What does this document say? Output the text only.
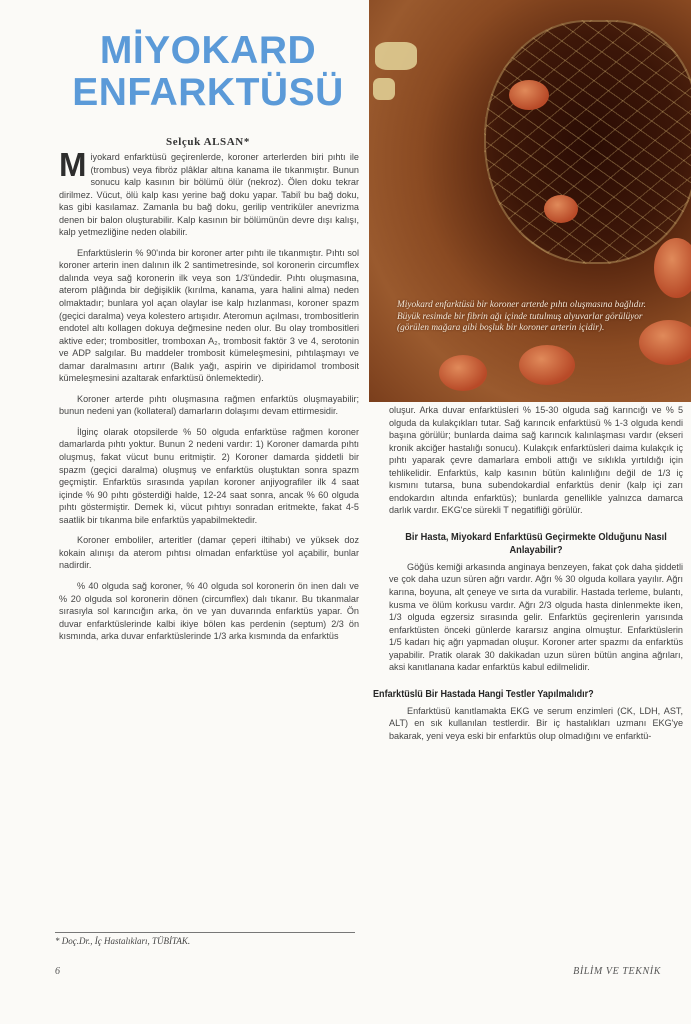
Miyokard enfarktüsü bir koroner arterde pıhtı oluşmasına bağlıdır. Büyük resimde bir fibrin ağı içinde tutulmuş alyuvarlar görülüyor (görülen mağara gibi boşluk bir koroner arterin içidir).
MİYOKARD
ENFARKTÜSÜ
Selçuk ALSAN*

Miyokard enfarktüsü geçirenlerde, koroner arterlerden biri pıhtı ile (trombus) veya fibröz plâklar altına kanama ile tıkanmıştır. Bunun sonucu kalp kasının bir bölümü ölür (nekroz). Ölen doku tekrar dirilmez. Vücut, ölü kalp kası yerine bağ doku yapar. Tabiî bu bağ doku, kas gibi kasılamaz. Zamanla bu bağ doku, gerilip ventriküler anevrizma denen bir balon oluşturabilir. Kalp kasının bir bölümünün devre dışı kalışı, kalp yetmezliğine neden olabilir.

Enfarktüslerin % 90'ında bir koroner arter pıhtı ile tıkanmıştır. Pıhtı sol koroner arterin inen dalının ilk 2 santimetresinde, sol koronerin circumflex dalında veya sağ koronerin ilk veya son 1/3'ündedir. Pıhtı oluşmasına, aterom plâğında bir değişiklik (kırılma, kanama, yara halini alma) neden olmaktadır; bunlara yol açan olaylar ise kalp hızlanması, koroner spazm (geçici daralma) veya kolestero artışıdır. Ateromun açılması, trombositlerin endotel altı kollagen dokuya değmesine neden olur. Bu olay trombositleri aktive eder; trombositler, tromboxan A₂, trombosit faktör 3 ve 4, serotonin ve ADP salgılar. Bu maddeler trombosit kümeleşmesini, pıhtılaşmayı ve damar daralmasını artırır (Balık yağı, aspirin ve dipiridamol trombosit kümeleşmesini azaltarak enfarktüsü önlemektedir).

Koroner arterde pıhtı oluşmasına rağmen enfarktüs oluşmayabilir; bunun nedeni yan (kollateral) damarların dolaşımı devam ettirmesidir.

İlginç olarak otopsilerde % 50 olguda enfarktüse rağmen koroner damarlarda pıhtı yoktur. Bunun 2 nedeni vardır: 1) Koroner damarda pıhtı oluşmuş, fakat vücut bunu eritmiştir. 2) Koroner damarda şiddetli bir spazm (geçici daralma) oluşmuş ve enfarktüs oluştuktan sonra spazm geçmiştir. Enfarktüs sırasında yapılan koroner anjiyografiler ilk 4 saat içinde % 90 pıhtı gösterdiği halde, 12-24 saat sonra, ancak % 60 olguda pıhtı göstermiştir. Demek ki, vücut pıhtıyı sonradan eritmekte, fakat 4-5 saatlik bir tıkanma bile enfarktüs yapabilmektedir.

Koroner emboliler, arteritler (damar çeperi iltihabı) ve yüksek doz kokain alınışı da aterom pıhtısı olmadan enfarktüse yol açabilir, bunlar nadirdir.

% 40 olguda sağ koroner, % 40 olguda sol koronerin ön inen dalı ve % 20 olguda sol koronerin dönen (circumflex) dalı tıkanır. Bu tıkanmalar sırasıyla sol karıncığın arka, ön ve yan duvarında enfarktüs yapar. Ön duvar enfarktüslerinde kalbi ikiye bölen kas perdenin (septum) 2/3 ön kısmında, arka duvar enfarktüslerinde 1/3 arka kısmında da enfarktüs

oluşur. Arka duvar enfarktüsleri % 15-30 olguda sağ karıncığı ve % 5 olguda da kulakçıkları tutar. Sağ karıncık enfarktüsü % 1-3 olguda kendi başına görülür; bunlarda daima sağ karıncık kalınlaşması vardır (ekseri kronik akciğer hastalığı sonucu). Kulakçık enfarktüsleri daima kulakçık iç pıhtı yaparak çevre damarlara emboli attığı ve sıklıkla yırtıldığı için tehlikelidir. Enfarktüs, kalp kasının bütün kalınlığını değil de 1/3 iç kısmını tutarsa, buna subendokardial enfarktüs denir (kalp içi zarı endokardın altında enfarktüs); bunlarda genellikle yalnızca damarca darlık vardır. EKG'ce sürekli T negatifliği görülür.

Bir Hasta, Miyokard Enfarktüsü Geçirmekte Olduğunu Nasıl Anlayabilir?

Göğüs kemiği arkasında anginaya benzeyen, fakat çok daha şiddetli ve çok daha uzun süren ağrı vardır. Ağrı % 30 olguda kollara yayılır. Ağrı karına, boyuna, alt çeneye ve sırta da vurabilir. Hastada terleme, bulantı, kusma ve ölüm korkusu vardır. Ağrı 2/3 olguda hasta dinlenmekte iken, 1/3 olguda egzersiz sırasında gelir. Enfarktüs geçirenlerin yarısında enfarktüsten önceki günlerde kararsız angina olmuştur. Enfarktüslerin 1/5 kadarı hiç ağrı yapmadan oluşur. Koroner arter spazmı da enfarktüs yapabilir. Pratik olarak 30 dakikadan uzun süren bütün angina ağrıları, aksi kanıtlanana kadar enfarktüs kabul edilmelidir.

Enfarktüslü Bir Hastada Hangi Testler Yapılmalıdır?

Enfarktüsü kanıtlamakta EKG ve serum enzimleri (CK, LDH, AST, ALT) en sık kullanılan testlerdir. Bir iç hastalıkları uzmanı EKG'ye bakarak, yeni veya eski bir enfarktüs olup olmadığını ve enfarktü-

* Doç.Dr., İç Hastalıkları, TÜBİTAK.
6	BİLİM VE TEKNİK
